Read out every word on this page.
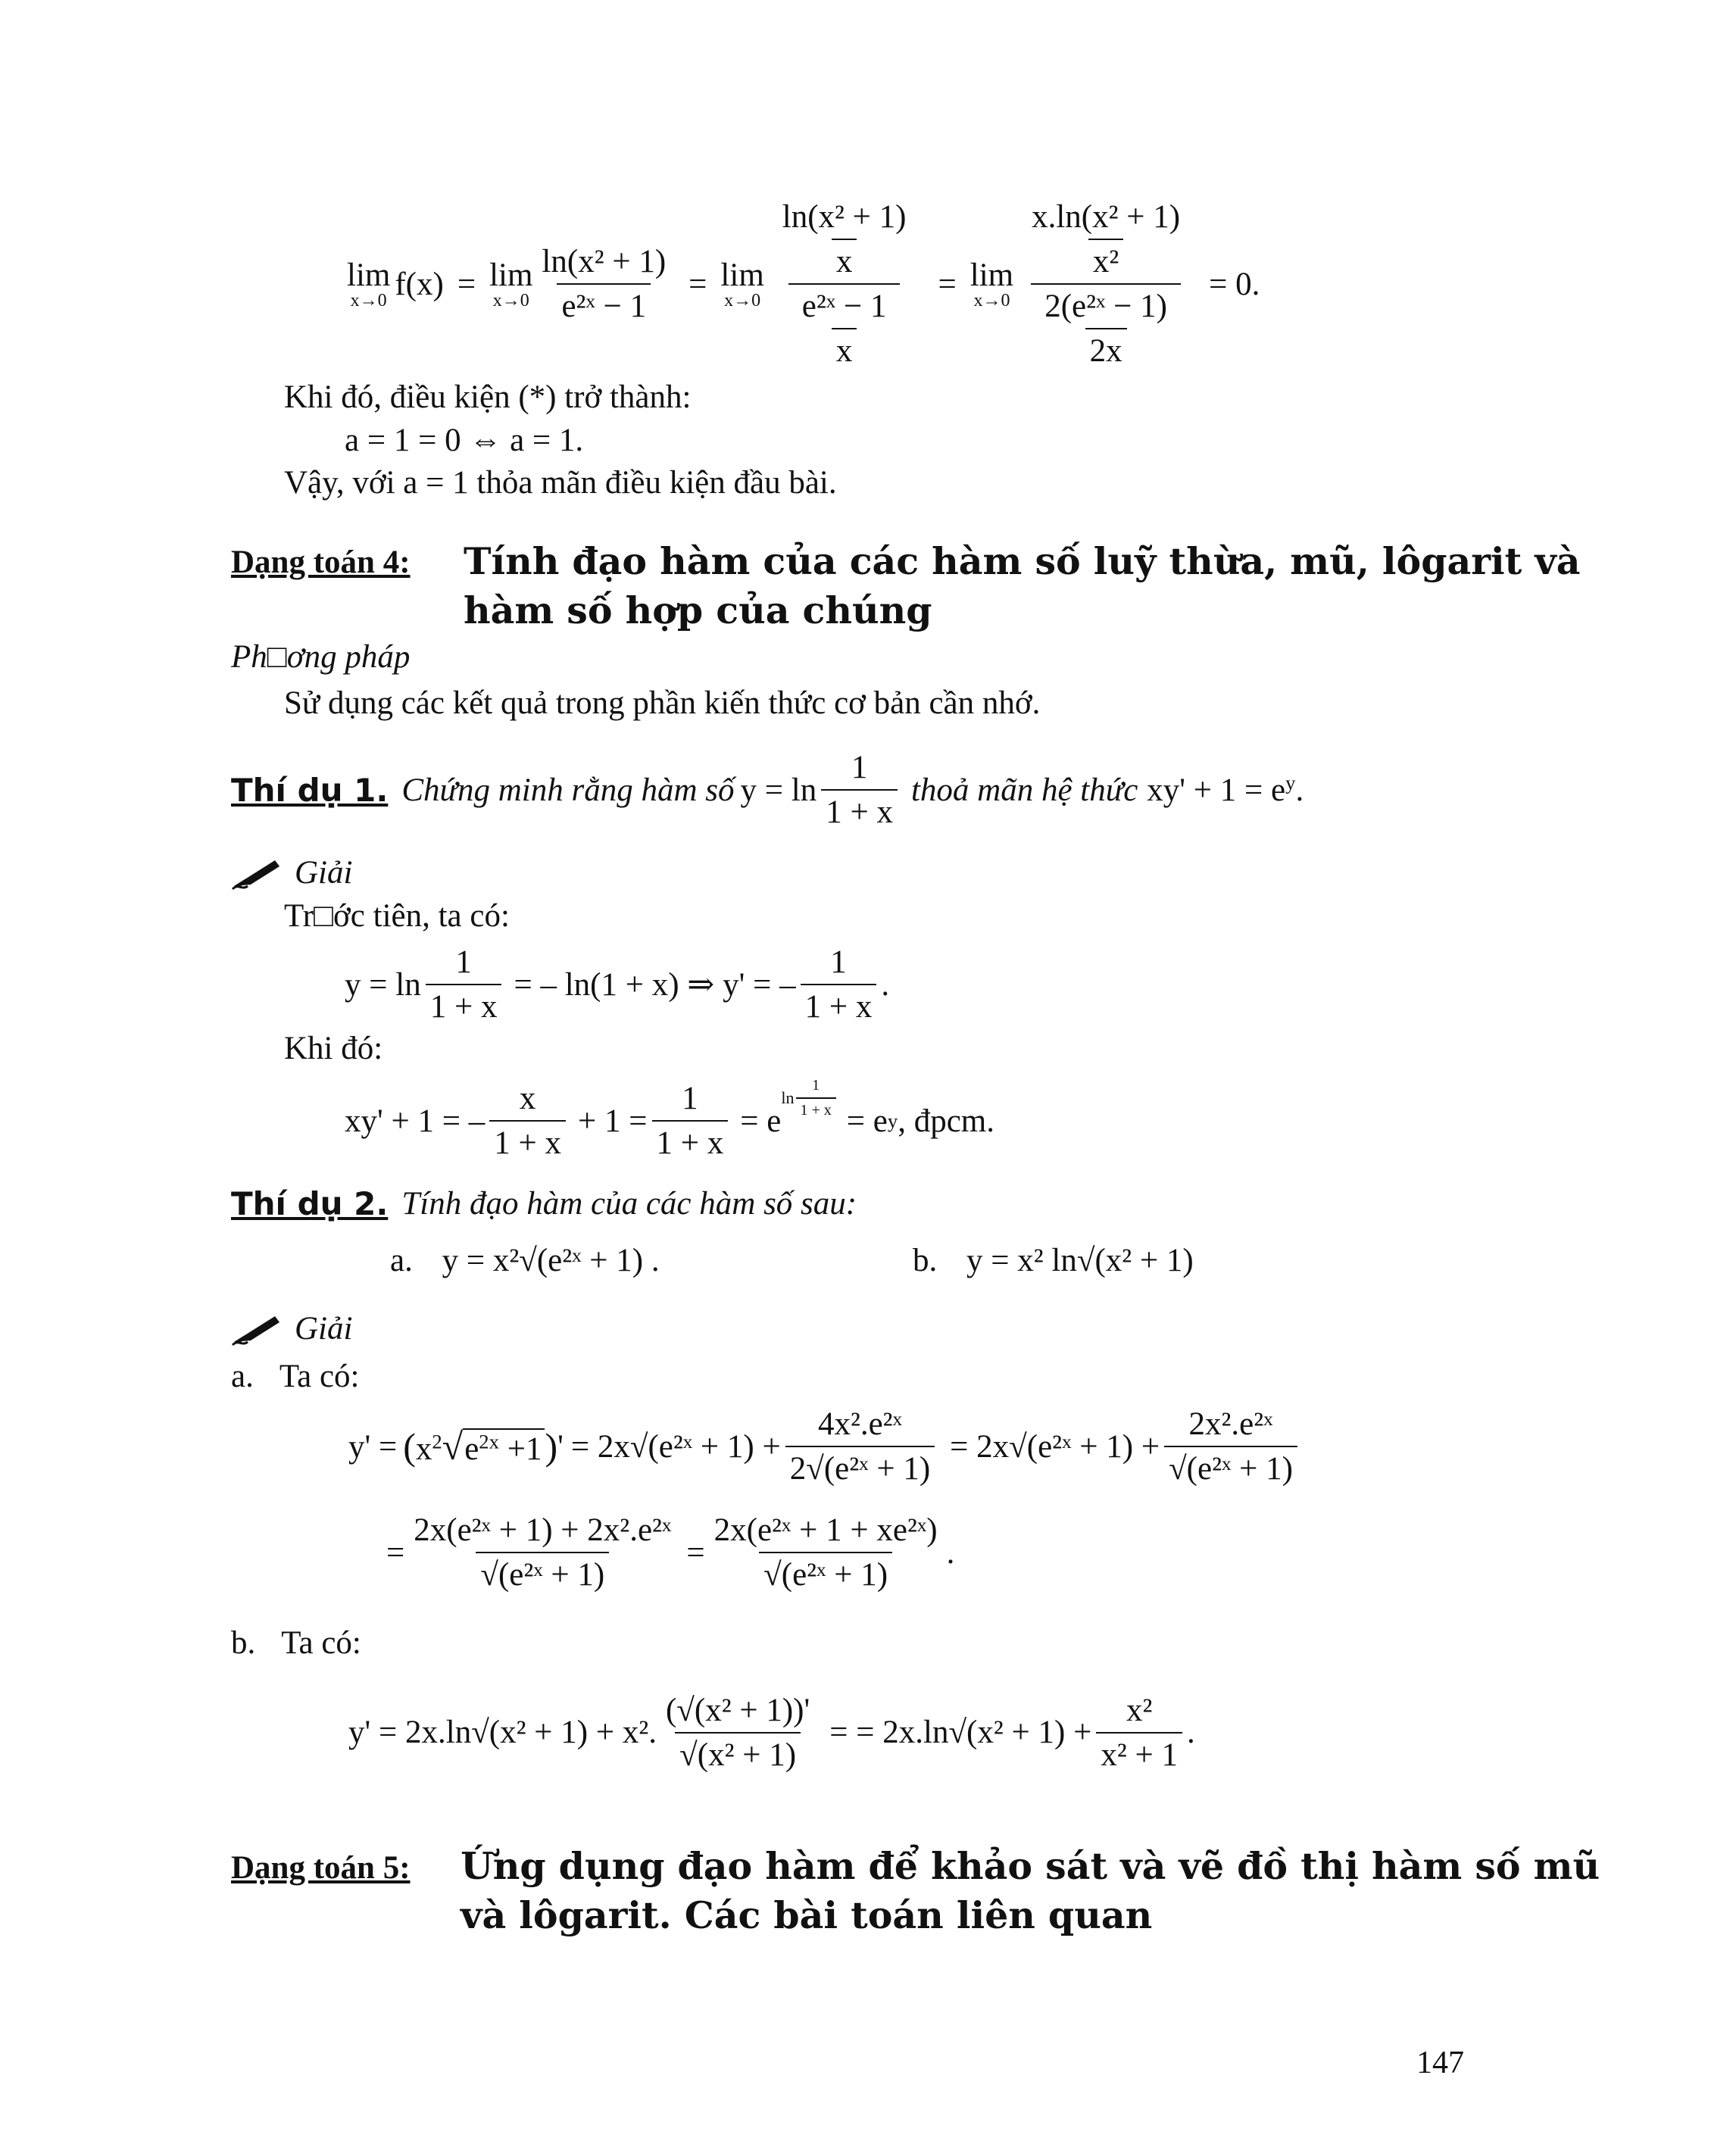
lim
x→0 f(x) = lim
$x\to 0 \frac{\text{ln(x² + 1)}}{\text{e²ˣ − 1}} = \lim$
$x\to 0 \frac{\frac{\text{ln(x² + 1)}}{x}}{\frac{\text{e²ˣ − 1}}{x}} = \lim$
$x\to 0 \frac{\frac{\text{x.ln(x² + 1)}}{\text{x²}}}{\frac{\text{2(e²ˣ − 1)}}{2x}} = 0$.
Khi đó, điều kiện (*) trở thành:
a = 1 = 0 ⇔ a = 1.
Vậy, với a = 1 thỏa mãn điều kiện đầu bài.
Dạng toán 4: Tính đạo hàm của các hàm số luỹ thừa, mũ, lôgarit và
hàm số hợp của chúng
Ph□ơng pháp
Sử dụng các kết quả trong phần kiến thức cơ bản cần nhớ.
Thí dụ 1. Chứng minh rằng hàm số $y = \ln \frac{1}{1 + x}$ thoả mãn hệ thức $xy' + 1 = e^y$.
Giải
Tr□ớc tiên, ta có:
$y = \ln \frac{1}{1 + x}$ = – ln(1 + x) ⇒ y' = – $\frac{1}{1 + x}$ .
Khi đó:
xy' + 1 = – $\frac{x}{1 + x} + 1 = \frac{1}{1 + x} = e$
$\ln \frac{1}{1 + x}$
= e y , đpcm.
Thí dụ 2. Tính đạo hàm của các hàm số sau:
a. y = x²√(e²ˣ + 1) .	b. y = x² ln√(x² + 1)
Giải
a. Ta có:
y' = ( $x^2√e^{2x} +1$ ) ' = 2x√(e²ˣ + $1) + \frac{\text{4x².e²ˣ}}{\text{2√(e²ˣ + 1)}}$ = 2x√(e²ˣ + $1) + \frac{\text{2x².e²ˣ}}{\text{√(e²ˣ + 1)}}$
= $\frac{\text{2x(e²ˣ + 1) + 2x².e²ˣ}}{\text{√(e²ˣ + 1)}} = \frac{\text{2x(e²ˣ + 1 + xe²ˣ)}}{\text{√(e²ˣ + 1)}}$ .
b. Ta có:
y' = 2x.ln√(x² + 1) + x². $\frac{\text{(√(x² + 1))'}}{\text{√(x² + 1)}}$ = = $2x.\ln√(x^2 + 1) + \frac{\text{x²}}{\text{x² + 1}}$ .
Dạng toán 5: Ứng dụng đạo hàm để khảo sát và vẽ đồ thị hàm số mũ
và lôgarit. Các bài toán liên quan
147
